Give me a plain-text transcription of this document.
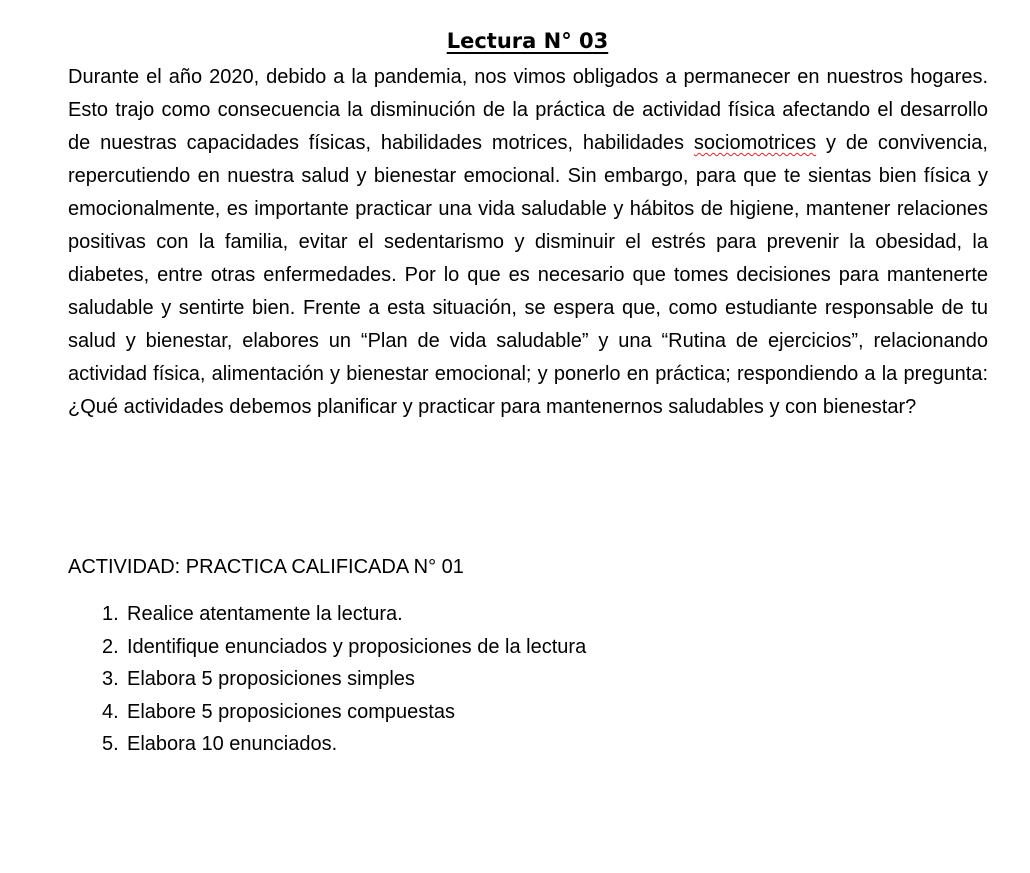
Lectura N° 03

Durante el año 2020, debido a la pandemia, nos vimos obligados a permanecer en nuestros hogares. Esto trajo como consecuencia la disminución de la práctica de actividad física afectando el desarrollo de nuestras capacidades físicas, habilidades motrices, habilidades sociomotrices y de convivencia, repercutiendo en nuestra salud y bienestar emocional. Sin embargo, para que te sientas bien física y emocionalmente, es importante practicar una vida saludable y hábitos de higiene, mantener relaciones positivas con la familia, evitar el sedentarismo y disminuir el estrés para prevenir la obesidad, la diabetes, entre otras enfermedades. Por lo que es necesario que tomes decisiones para mantenerte saludable y sentirte bien. Frente a esta situación, se espera que, como estudiante responsable de tu salud y bienestar, elabores un “Plan de vida saludable” y una “Rutina de ejercicios”, relacionando actividad física, alimentación y bienestar emocional; y ponerlo en práctica; respondiendo a la pregunta: ¿Qué actividades debemos planificar y practicar para mantenernos saludables y con bienestar?

ACTIVIDAD: PRACTICA CALIFICADA N° 01

1. Realice atentamente la lectura.
2. Identifique enunciados y proposiciones de la lectura
3. Elabora 5 proposiciones simples
4. Elabore 5 proposiciones compuestas
5. Elabora 10 enunciados.
